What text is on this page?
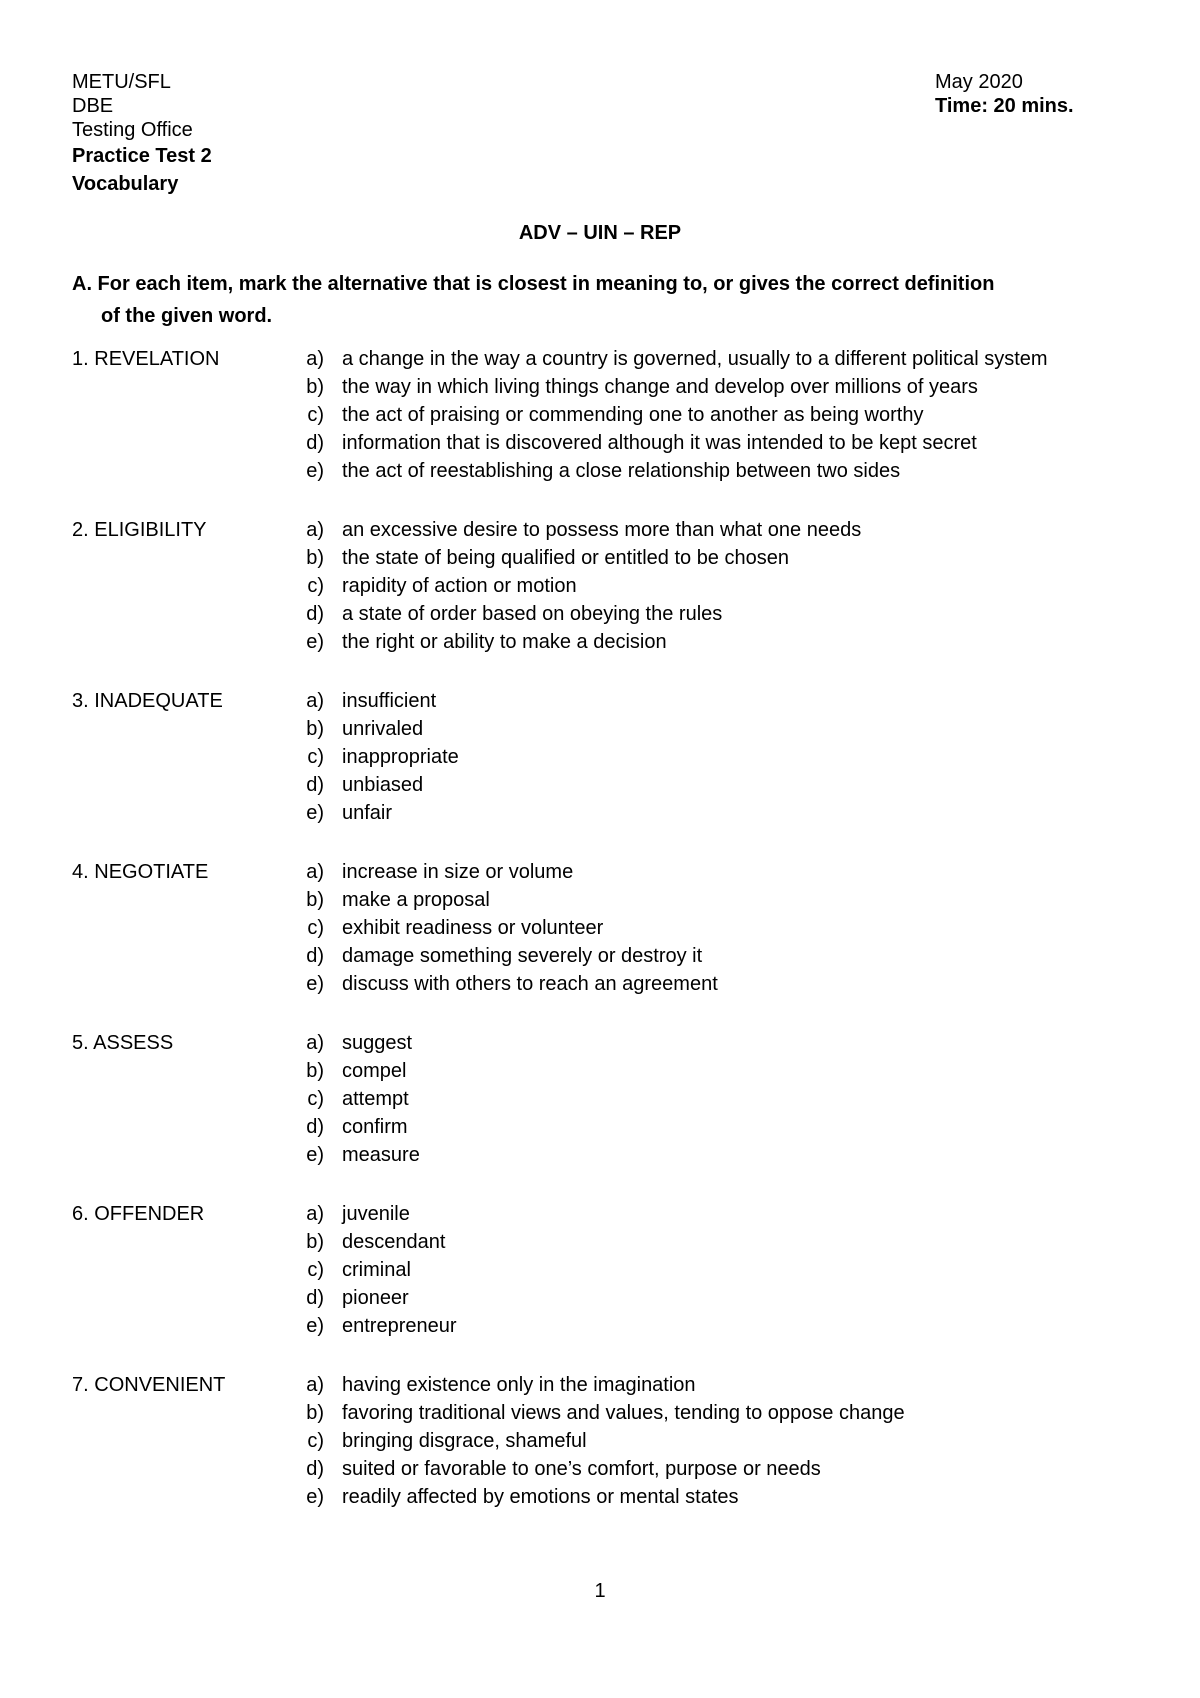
METU/SFL
DBE
Testing Office
Practice Test 2
Vocabulary
May 2020
Time: 20 mins.
ADV – UIN – REP
A. For each item, mark the alternative that is closest in meaning to, or gives the correct definition
of the given word.
1. REVELATION	a) a change in the way a country is governed, usually to a different political system
b) the way in which living things change and develop over millions of years
c) the act of praising or commending one to another as being worthy
d) information that is discovered although it was intended to be kept secret
e) the act of reestablishing a close relationship between two sides
2. ELIGIBILITY	a) an excessive desire to possess more than what one needs
b) the state of being qualified or entitled to be chosen
c) rapidity of action or motion
d) a state of order based on obeying the rules
e) the right or ability to make a decision
3. INADEQUATE	a) insufficient
b) unrivaled
c) inappropriate
d) unbiased
e) unfair
4. NEGOTIATE	a) increase in size or volume
b) make a proposal
c) exhibit readiness or volunteer
d) damage something severely or destroy it
e) discuss with others to reach an agreement
5. ASSESS	a) suggest
b) compel
c) attempt
d) confirm
e) measure
6. OFFENDER	a) juvenile
b) descendant
c) criminal
d) pioneer
e) entrepreneur
7. CONVENIENT	a) having existence only in the imagination
b) favoring traditional views and values, tending to oppose change
c) bringing disgrace, shameful
d) suited or favorable to one’s comfort, purpose or needs
e) readily affected by emotions or mental states
1
